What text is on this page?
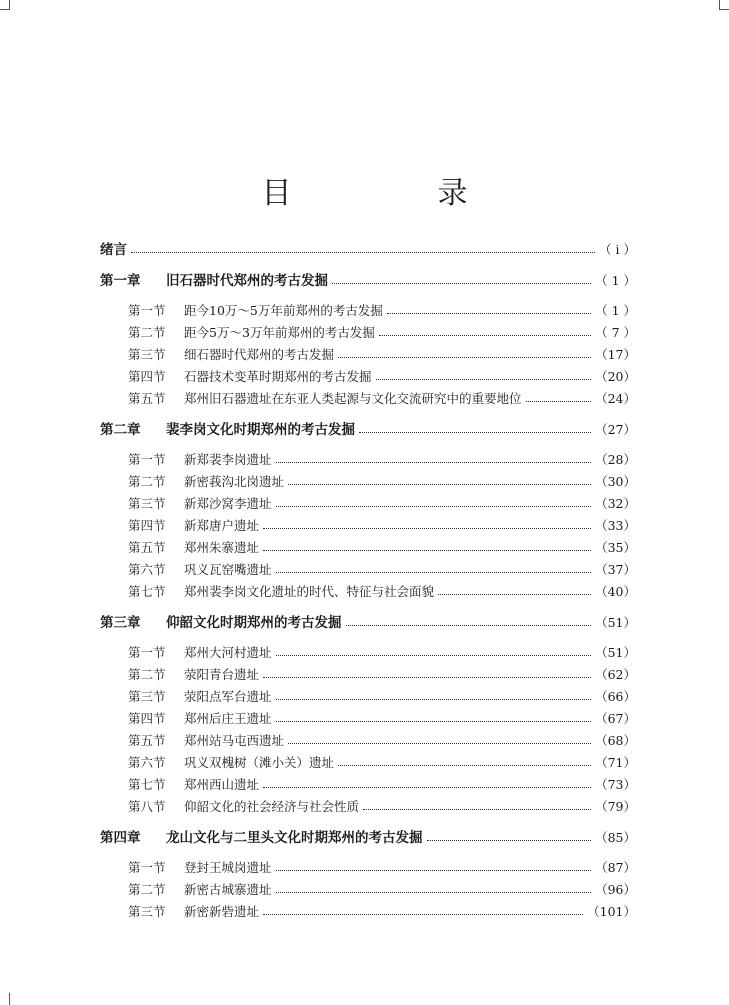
目　录
绪言	（ i ）
第一章	旧石器时代郑州的考古发掘	（ 1 ）
第一节	距今10万～5万年前郑州的考古发掘	（ 1 ）
第二节	距今5万～3万年前郑州的考古发掘	（ 7 ）
第三节	细石器时代郑州的考古发掘	（17）
第四节	石器技术变革时期郑州的考古发掘	（20）
第五节	郑州旧石器遗址在东亚人类起源与文化交流研究中的重要地位	（24）
第二章	裴李岗文化时期郑州的考古发掘	（27）
第一节	新郑裴李岗遗址	（28）
第二节	新密莪沟北岗遗址	（30）
第三节	新郑沙窝李遗址	（32）
第四节	新郑唐户遗址	（33）
第五节	郑州朱寨遗址	（35）
第六节	巩义瓦窑嘴遗址	（37）
第七节	郑州裴李岗文化遗址的时代、特征与社会面貌	（40）
第三章	仰韶文化时期郑州的考古发掘	（51）
第一节	郑州大河村遗址	（51）
第二节	荥阳青台遗址	（62）
第三节	荥阳点军台遗址	（66）
第四节	郑州后庄王遗址	（67）
第五节	郑州站马屯西遗址	（68）
第六节	巩义双槐树（滩小关）遗址	（71）
第七节	郑州西山遗址	（73）
第八节	仰韶文化的社会经济与社会性质	（79）
第四章	龙山文化与二里头文化时期郑州的考古发掘	（85）
第一节	登封王城岗遗址	（87）
第二节	新密古城寨遗址	（96）
第三节	新密新砦遗址	（101）
